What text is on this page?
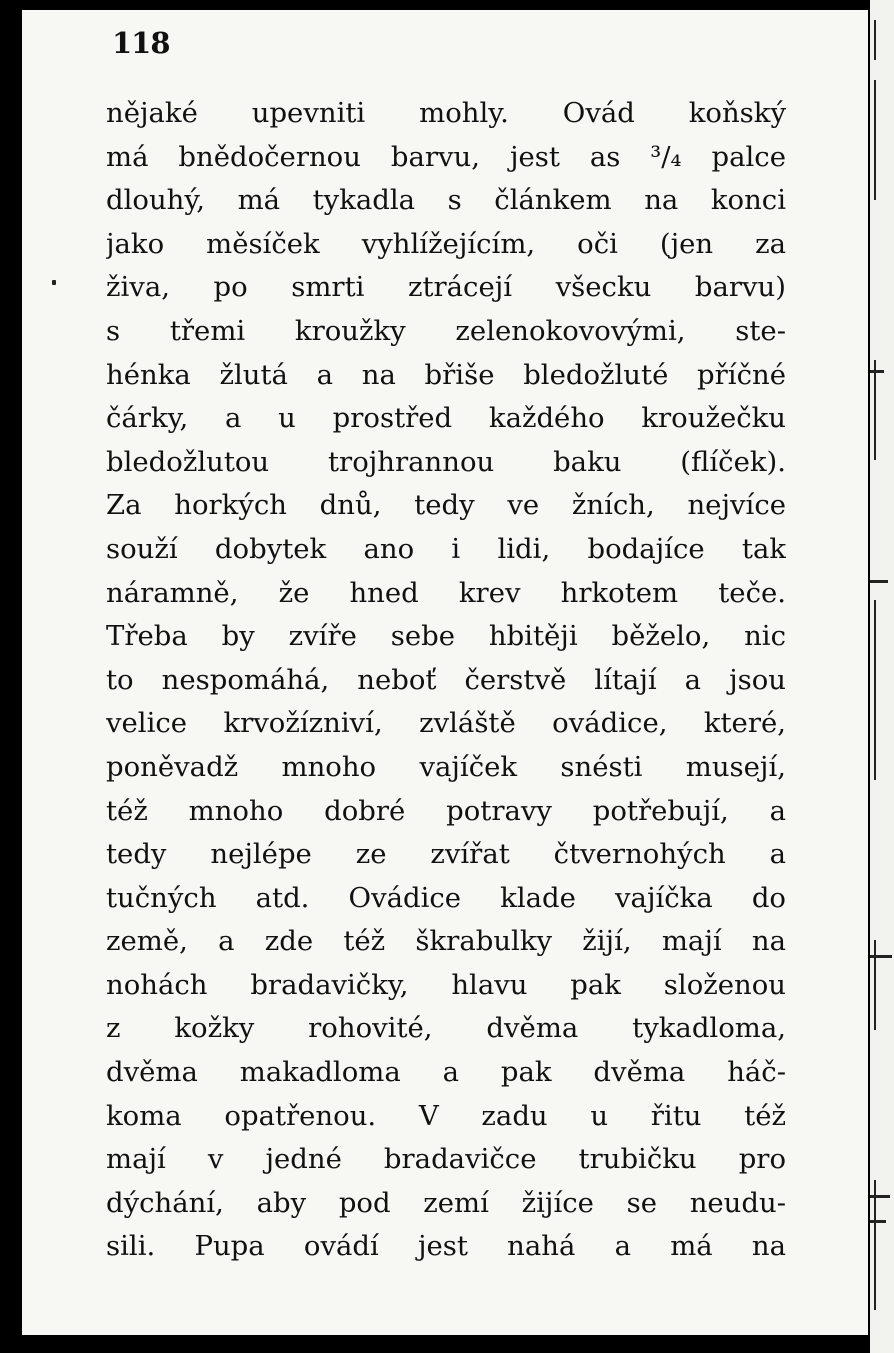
118
nějaké upevniti mohly. Ovád koňský
má bnědočernou barvu, jest as ³/₄ palce
dlouhý, má tykadla s článkem na konci
jako měsíček vyhlížejícím, oči (jen za
živa, po smrti ztrácejí všecku barvu)
s třemi kroužky zelenokovovými, ste-
hénka žlutá a na břiše bledožluté příčné
čárky, a u prostřed každého kroužečku
bledožlutou trojhrannou baku (flíček).
Za horkých dnů, tedy ve žních, nejvíce
souží dobytek ano i lidi, bodajíce tak
náramně, že hned krev hrkotem teče.
Třeba by zvíře sebe hbitěji běželo, nic
to nespomáhá, neboť čerstvě lítají a jsou
velice krvožízniví, zvláště ovádice, které,
poněvadž mnoho vajíček snésti musejí,
též mnoho dobré potravy potřebují, a
tedy nejlépe ze zvířat čtvernohých a
tučných atd. Ovádice klade vajíčka do
země, a zde též škrabulky žijí, mají na
nohách bradavičky, hlavu pak složenou
z kožky rohovité, dvěma tykadloma,
dvěma makadloma a pak dvěma háč-
koma opatřenou. V zadu u řitu též
mají v jedné bradavičce trubičku pro
dýchání, aby pod zemí žijíce se neudu-
sili. Pupa ovádí jest nahá a má na
